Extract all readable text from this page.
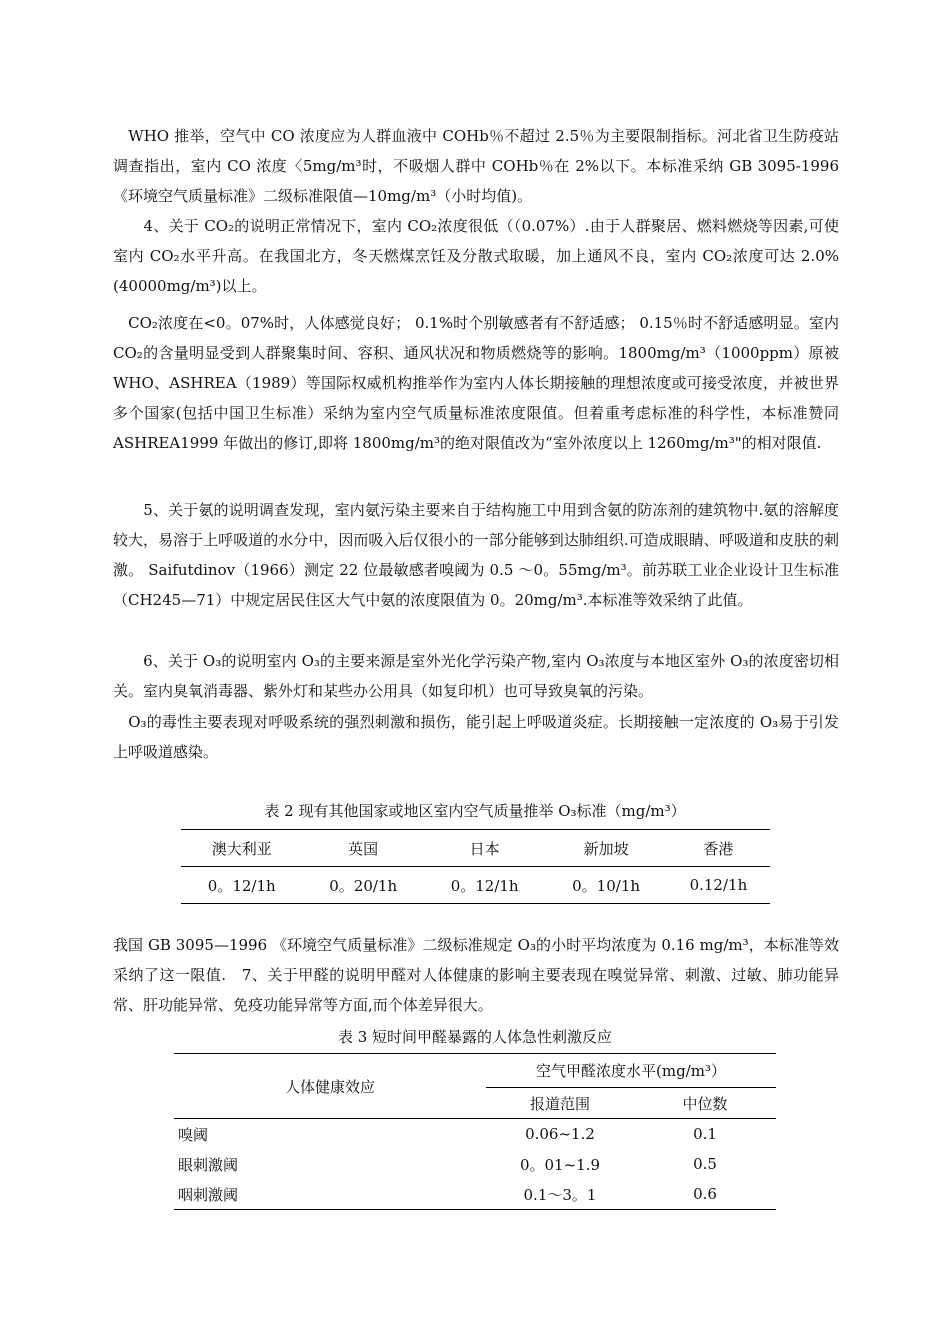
　WHO 推举，空气中 CO 浓度应为人群血液中 COHb％不超过 2.5％为主要限制指标。河北省卫生防疫站调查指出，室内 CO 浓度〈5mg/m³时，不吸烟人群中 COHb％在 2%以下。本标准采纳 GB 3095-1996 《环境空气质量标准》二级标准限值—10mg/m³（小时均值)。

　　4、关于 CO₂的说明正常情况下，室内 CO₂浓度很低（（0.07%）.由于人群聚居、燃料燃烧等因素,可使室内 CO₂水平升高。在我国北方，冬天燃煤烹饪及分散式取暖，加上通风不良，室内 CO₂浓度可达 2.0%(40000mg/m³)以上。

　CO₂浓度在<0。07%时，人体感觉良好； 0.1%时个别敏感者有不舒适感； 0.15％时不舒适感明显。室内 CO₂的含量明显受到人群聚集时间、容积、通风状况和物质燃烧等的影响。1800mg/m³（1000ppm）原被 WHO、ASHREA（1989）等国际权威机构推举作为室内人体长期接触的理想浓度或可接受浓度，并被世界多个国家(包括中国卫生标准）采纳为室内空气质量标准浓度限值。但着重考虑标准的科学性，本标准赞同 ASHREA1999 年做出的修订,即将 1800mg/m³的绝对限值改为“室外浓度以上 1260mg/m³"的相对限值.

　　5、关于氨的说明调查发现，室内氨污染主要来自于结构施工中用到含氨的防冻剂的建筑物中.氨的溶解度较大，易溶于上呼吸道的水分中，因而吸入后仅很小的一部分能够到达肺组织.可造成眼睛、呼吸道和皮肤的刺激。 Saifutdinov（1966）测定 22 位最敏感者嗅阈为 0.5 ～0。55mg/m³。前苏联工业企业设计卫生标准（CH245—71）中规定居民住区大气中氨的浓度限值为 0。20mg/m³.本标准等效采纳了此值。

　　6、关于 O₃的说明室内 O₃的主要来源是室外光化学污染产物,室内 O₃浓度与本地区室外 O₃的浓度密切相关。室内臭氧消毒器、紫外灯和某些办公用具（如复印机）也可导致臭氧的污染。

　O₃的毒性主要表现对呼吸系统的强烈刺激和损伤，能引起上呼吸道炎症。长期接触一定浓度的 O₃易于引发上呼吸道感染。

表 2 现有其他国家或地区室内空气质量推举 O₃标准（mg/m³）

澳大利亚	英国	日本	新加坡	香港
0。12/1h	0。20/1h	0。12/1h	0。10/1h	0.12/1h

我国 GB 3095—1996 《环境空气质量标准》二级标准规定 O₃的小时平均浓度为 0.16 mg/m³，本标准等效采纳了这一限值.　7、关于甲醛的说明甲醛对人体健康的影响主要表现在嗅觉异常、刺激、过敏、肺功能异常、肝功能异常、免疫功能异常等方面,而个体差异很大。

表 3 短时间甲醛暴露的人体急性刺激反应

人体健康效应	空气甲醛浓度水平(mg/m³）	
	报道范围	中位数
嗅阈	0.06~1.2	0.1
眼刺激阈	0。01~1.9	0.5
咽刺激阈	0.1～3。1	0.6
